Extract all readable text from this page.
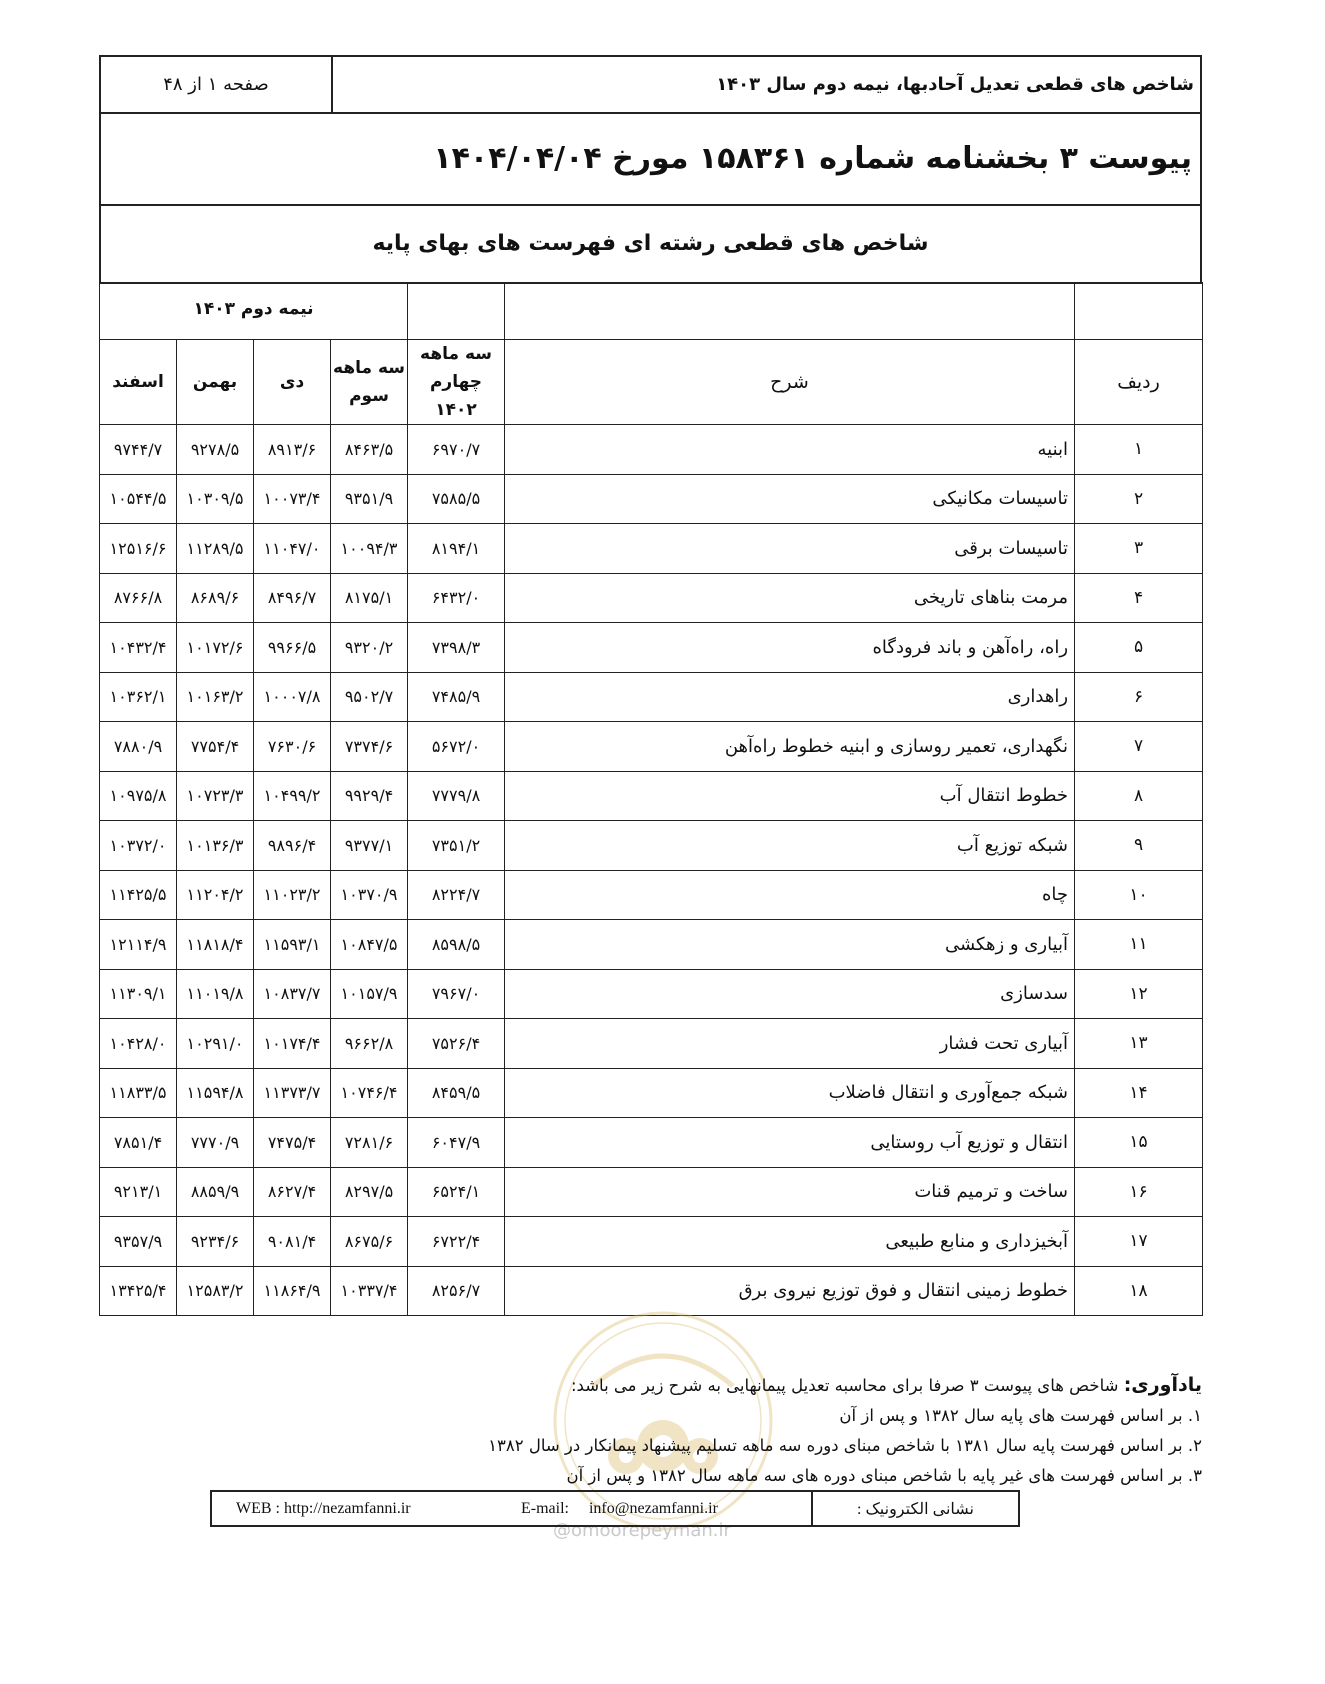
شاخص های قطعی تعدیل آحادبها، نیمه دوم سال ۱۴۰۳
صفحه ۱ از ۴۸
پیوست ۳ بخشنامه شماره ۱۵۸۳۶۱ مورخ ۱۴۰۴/۰۴/۰۴
شاخص های قطعی رشته ای فهرست های بهای پایه
			نیمه دوم ۱۴۰۳			
ردیف	شرح	سه ماهه چهارم ۱۴۰۲	سه ماهه سوم	دی	بهمن	اسفند
۱	ابنیه	۶۹۷۰/۷	۸۴۶۳/۵	۸۹۱۳/۶	۹۲۷۸/۵	۹۷۴۴/۷
۲	تاسیسات مکانیکی	۷۵۸۵/۵	۹۳۵۱/۹	۱۰۰۷۳/۴	۱۰۳۰۹/۵	۱۰۵۴۴/۵
۳	تاسیسات برقی	۸۱۹۴/۱	۱۰۰۹۴/۳	۱۱۰۴۷/۰	۱۱۲۸۹/۵	۱۲۵۱۶/۶
۴	مرمت بناهای تاریخی	۶۴۳۲/۰	۸۱۷۵/۱	۸۴۹۶/۷	۸۶۸۹/۶	۸۷۶۶/۸
۵	راه، راه‌آهن و باند فرودگاه	۷۳۹۸/۳	۹۳۲۰/۲	۹۹۶۶/۵	۱۰۱۷۲/۶	۱۰۴۳۲/۴
۶	راهداری	۷۴۸۵/۹	۹۵۰۲/۷	۱۰۰۰۷/۸	۱۰۱۶۳/۲	۱۰۳۶۲/۱
۷	نگهداری، تعمیر روسازی و ابنیه خطوط راه‌آهن	۵۶۷۲/۰	۷۳۷۴/۶	۷۶۳۰/۶	۷۷۵۴/۴	۷۸۸۰/۹
۸	خطوط انتقال آب	۷۷۷۹/۸	۹۹۲۹/۴	۱۰۴۹۹/۲	۱۰۷۲۳/۳	۱۰۹۷۵/۸
۹	شبکه توزیع آب	۷۳۵۱/۲	۹۳۷۷/۱	۹۸۹۶/۴	۱۰۱۳۶/۳	۱۰۳۷۲/۰
۱۰	چاه	۸۲۲۴/۷	۱۰۳۷۰/۹	۱۱۰۲۳/۲	۱۱۲۰۴/۲	۱۱۴۲۵/۵
۱۱	آبیاری و زهکشی	۸۵۹۸/۵	۱۰۸۴۷/۵	۱۱۵۹۳/۱	۱۱۸۱۸/۴	۱۲۱۱۴/۹
۱۲	سدسازی	۷۹۶۷/۰	۱۰۱۵۷/۹	۱۰۸۳۷/۷	۱۱۰۱۹/۸	۱۱۳۰۹/۱
۱۳	آبیاری تحت فشار	۷۵۲۶/۴	۹۶۶۲/۸	۱۰۱۷۴/۴	۱۰۲۹۱/۰	۱۰۴۲۸/۰
۱۴	شبکه جمع‌آوری و انتقال فاضلاب	۸۴۵۹/۵	۱۰۷۴۶/۴	۱۱۳۷۳/۷	۱۱۵۹۴/۸	۱۱۸۳۳/۵
۱۵	انتقال و توزیع آب روستایی	۶۰۴۷/۹	۷۲۸۱/۶	۷۴۷۵/۴	۷۷۷۰/۹	۷۸۵۱/۴
۱۶	ساخت و ترمیم قنات	۶۵۲۴/۱	۸۲۹۷/۵	۸۶۲۷/۴	۸۸۵۹/۹	۹۲۱۳/۱
۱۷	آبخیزداری و منابع طبیعی	۶۷۲۲/۴	۸۶۷۵/۶	۹۰۸۱/۴	۹۲۳۴/۶	۹۳۵۷/۹
۱۸	خطوط زمینی انتقال و فوق توزیع نیروی برق	۸۲۵۶/۷	۱۰۳۳۷/۴	۱۱۸۶۴/۹	۱۲۵۸۳/۲	۱۳۴۲۵/۴
@omoorepeyman.ir
یادآوری: شاخص های پیوست ۳ صرفا برای محاسبه تعدیل پیمانهایی به شرح زیر می باشد:
۱. بر اساس فهرست های پایه سال ۱۳۸۲ و پس از آن
۲. بر اساس فهرست پایه سال ۱۳۸۱ با شاخص مبنای دوره سه ماهه تسلیم پیشنهاد پیمانکار در سال ۱۳۸۲
۳. بر اساس فهرست های غیر پایه با شاخص مبنای دوره های سه ماهه سال ۱۳۸۲ و پس از آن
نشانی الکترونیک :
WEB : http://nezamfanni.ir	E-mail: info@nezamfanni.ir
